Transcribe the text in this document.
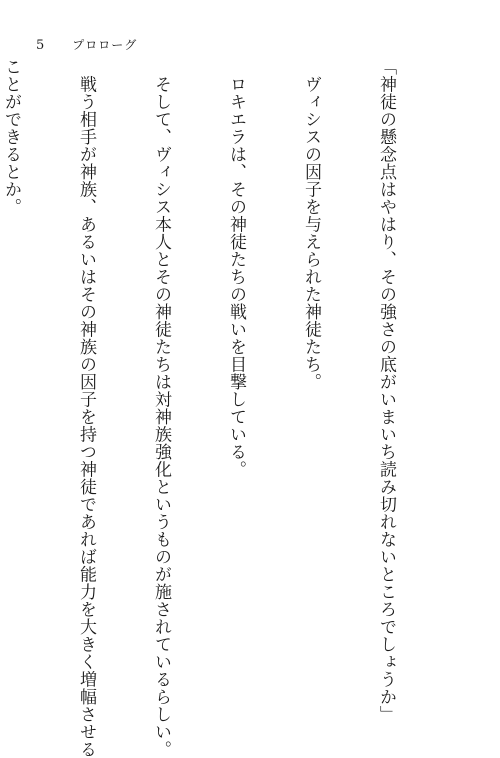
5 プロローグ

「神徒の懸念点はやはり、その強さの底がいまいち読み切れないところでしょうか」

　ヴィシスの因子を与えられた神徒たち。

　ロキエラは、その神徒たちの戦いを目撃している。

　そして、ヴィシス本人とその神徒たちは対神族強化というものが施されているらしい。

　戦う相手が神族、あるいはその神族の因子を持つ神徒であれば能力を大きく増幅させる

ことができるとか。
